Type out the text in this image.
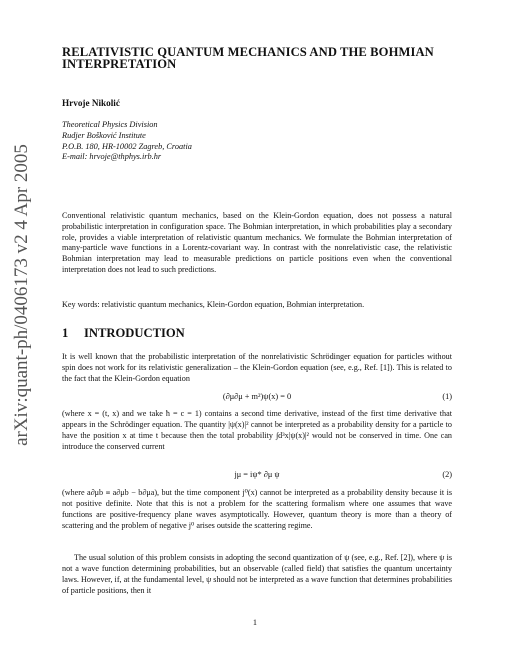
arXiv:quant-ph/0406173 v2 4 Apr 2005
RELATIVISTIC QUANTUM MECHANICS AND THE BOHMIAN INTERPRETATION
Hrvoje Nikolić
Theoretical Physics Division
Rudjer Bošković Institute
P.O.B. 180, HR-10002 Zagreb, Croatia
E-mail: hrvoje@thphys.irb.hr
Conventional relativistic quantum mechanics, based on the Klein-Gordon equation, does not possess a natural probabilistic interpretation in configuration space. The Bohmian interpretation, in which probabilities play a secondary role, provides a viable interpretation of relativistic quantum mechanics. We formulate the Bohmian interpretation of many-particle wave functions in a Lorentz-covariant way. In contrast with the nonrelativistic case, the relativistic Bohmian interpretation may lead to measurable predictions on particle positions even when the conventional interpretation does not lead to such predictions.
Key words: relativistic quantum mechanics, Klein-Gordon equation, Bohmian interpretation.
1 INTRODUCTION
It is well known that the probabilistic interpretation of the nonrelativistic Schrödinger equation for particles without spin does not work for its relativistic generalization – the Klein-Gordon equation (see, e.g., Ref. [1]). This is related to the fact that the Klein-Gordon equation
(∂μ∂μ + m²)ψ(x) = 0	(1)
(where x = (t, x) and we take ħ = c = 1) contains a second time derivative, instead of the first time derivative that appears in the Schrödinger equation. The quantity |ψ(x)|² cannot be interpreted as a probability density for a particle to have the position x at time t because then the total probability ∫d³x|ψ(x)|² would not be conserved in time. One can introduce the conserved current
jμ = iψ* ∂μ ψ	(2)
(where a∂μb ≡ a∂μb − b∂μa), but the time component j⁰(x) cannot be interpreted as a probability density because it is not positive definite. Note that this is not a problem for the scattering formalism where one assumes that wave functions are positive-frequency plane waves asymptotically. However, quantum theory is more than a theory of scattering and the problem of negative j⁰ arises outside the scattering regime.
The usual solution of this problem consists in adopting the second quantization of ψ (see, e.g., Ref. [2]), where ψ is not a wave function determining probabilities, but an observable (called field) that satisfies the quantum uncertainty laws. However, if, at the fundamental level, ψ should not be interpreted as a wave function that determines probabilities of particle positions, then it
1
